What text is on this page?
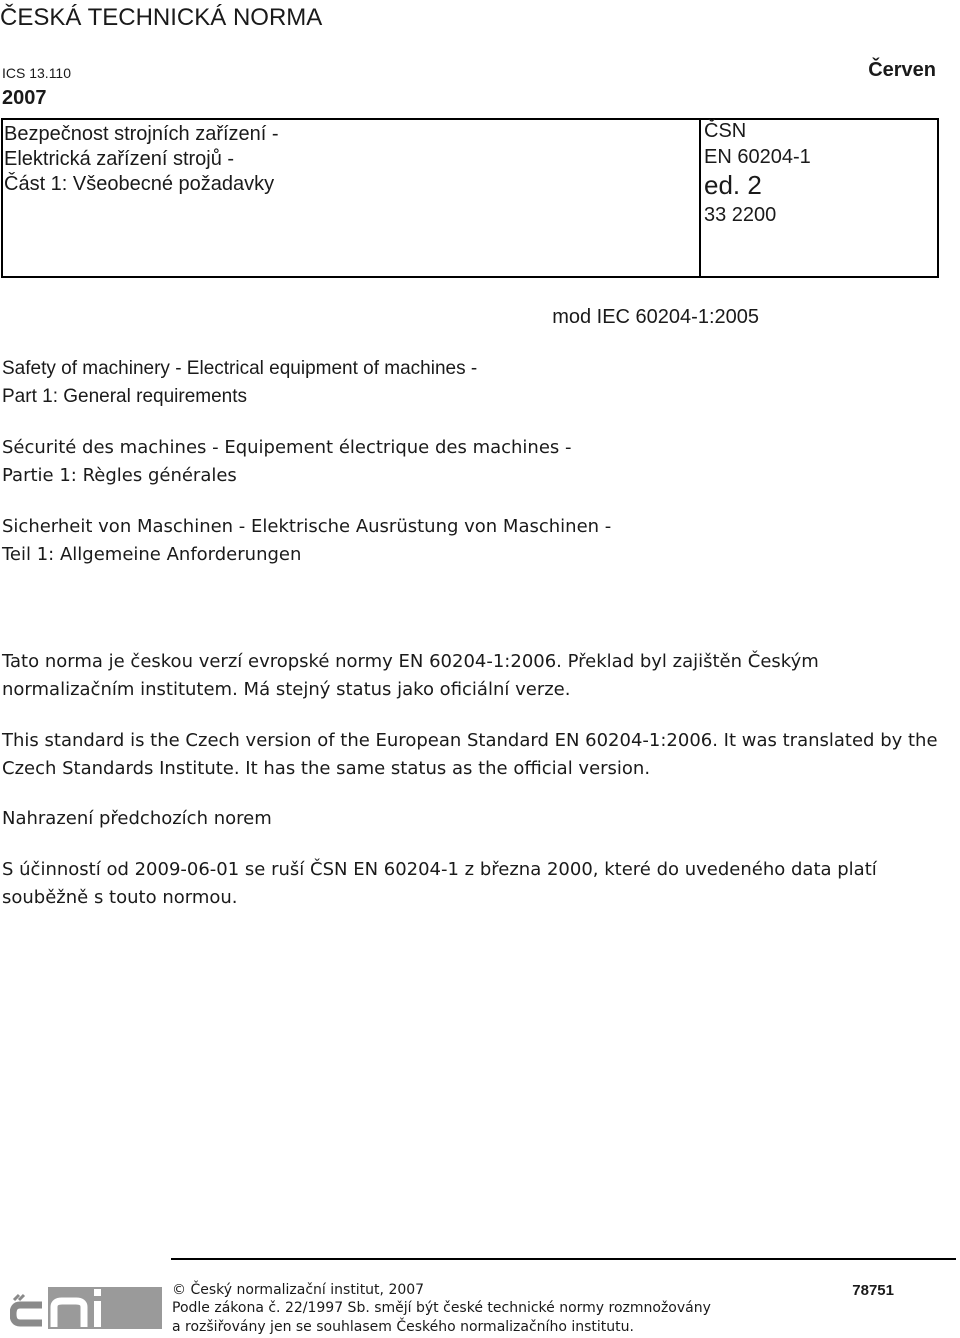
ČESKÁ TECHNICKÁ NORMA
ICS 13.110
2007
Červen
Bezpečnost strojních zařízení -
Elektrická zařízení strojů -
Část 1: Všeobecné požadavky
ČSN
EN 60204-1
ed. 2
33 2200
mod IEC 60204-1:2005
Safety of machinery - Electrical equipment of machines -
Part 1: General requirements
Sécurité des machines - Equipement électrique des machines -
Partie 1: Règles générales
Sicherheit von Maschinen - Elektrische Ausrüstung von Maschinen -
Teil 1: Allgemeine Anforderungen
Tato norma je českou verzí evropské normy EN 60204-1:2006. Překlad byl zajištěn Českým
normalizačním institutem. Má stejný status jako oficiální verze.
This standard is the Czech version of the European Standard EN 60204-1:2006. It was translated by the
Czech Standards Institute. It has the same status as the official version.
Nahrazení předchozích norem
S účinností od 2009-06-01 se ruší ČSN EN 60204-1 z března 2000, které do uvedeného data platí
souběžně s touto normou.
© Český normalizační institut, 2007	78751
Podle zákona č. 22/1997 Sb. smějí být české technické normy rozmnožovány
a rozšiřovány jen se souhlasem Českého normalizačního institutu.
